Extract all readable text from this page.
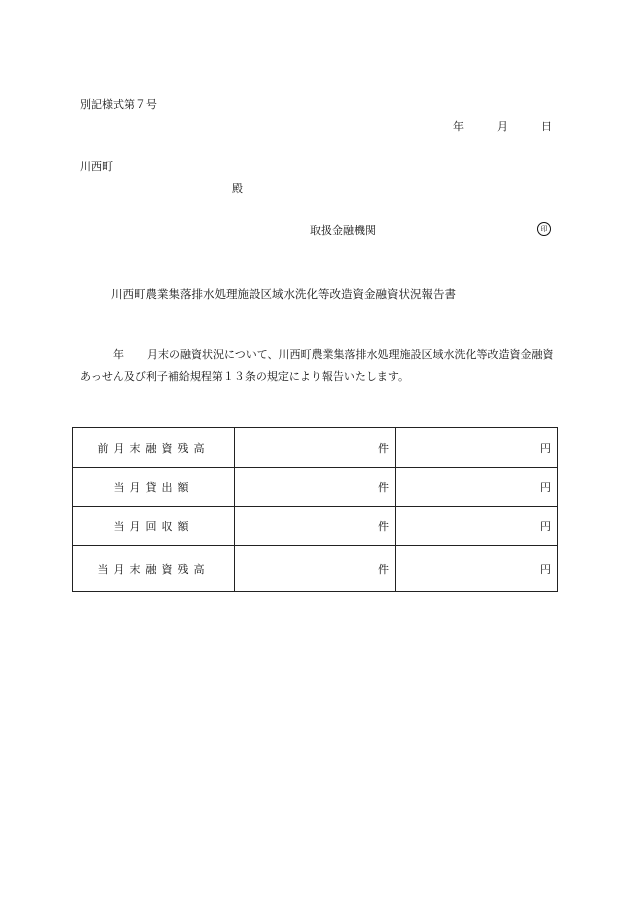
別記様式第７号
年	月	日
川西町
殿
取扱金融機関	印
川西町農業集落排水処理施設区域水洗化等改造資金融資状況報告書
年 月末の融資状況について、川西町農業集落排水処理施設区域水洗化等改造資金融資
あっせん及び利子補給規程第１３条の規定により報告いたします。
前月末融資残高	件	円
当月貸出額	件	円
当月回収額	件	円
当月末融資残高	件	円
